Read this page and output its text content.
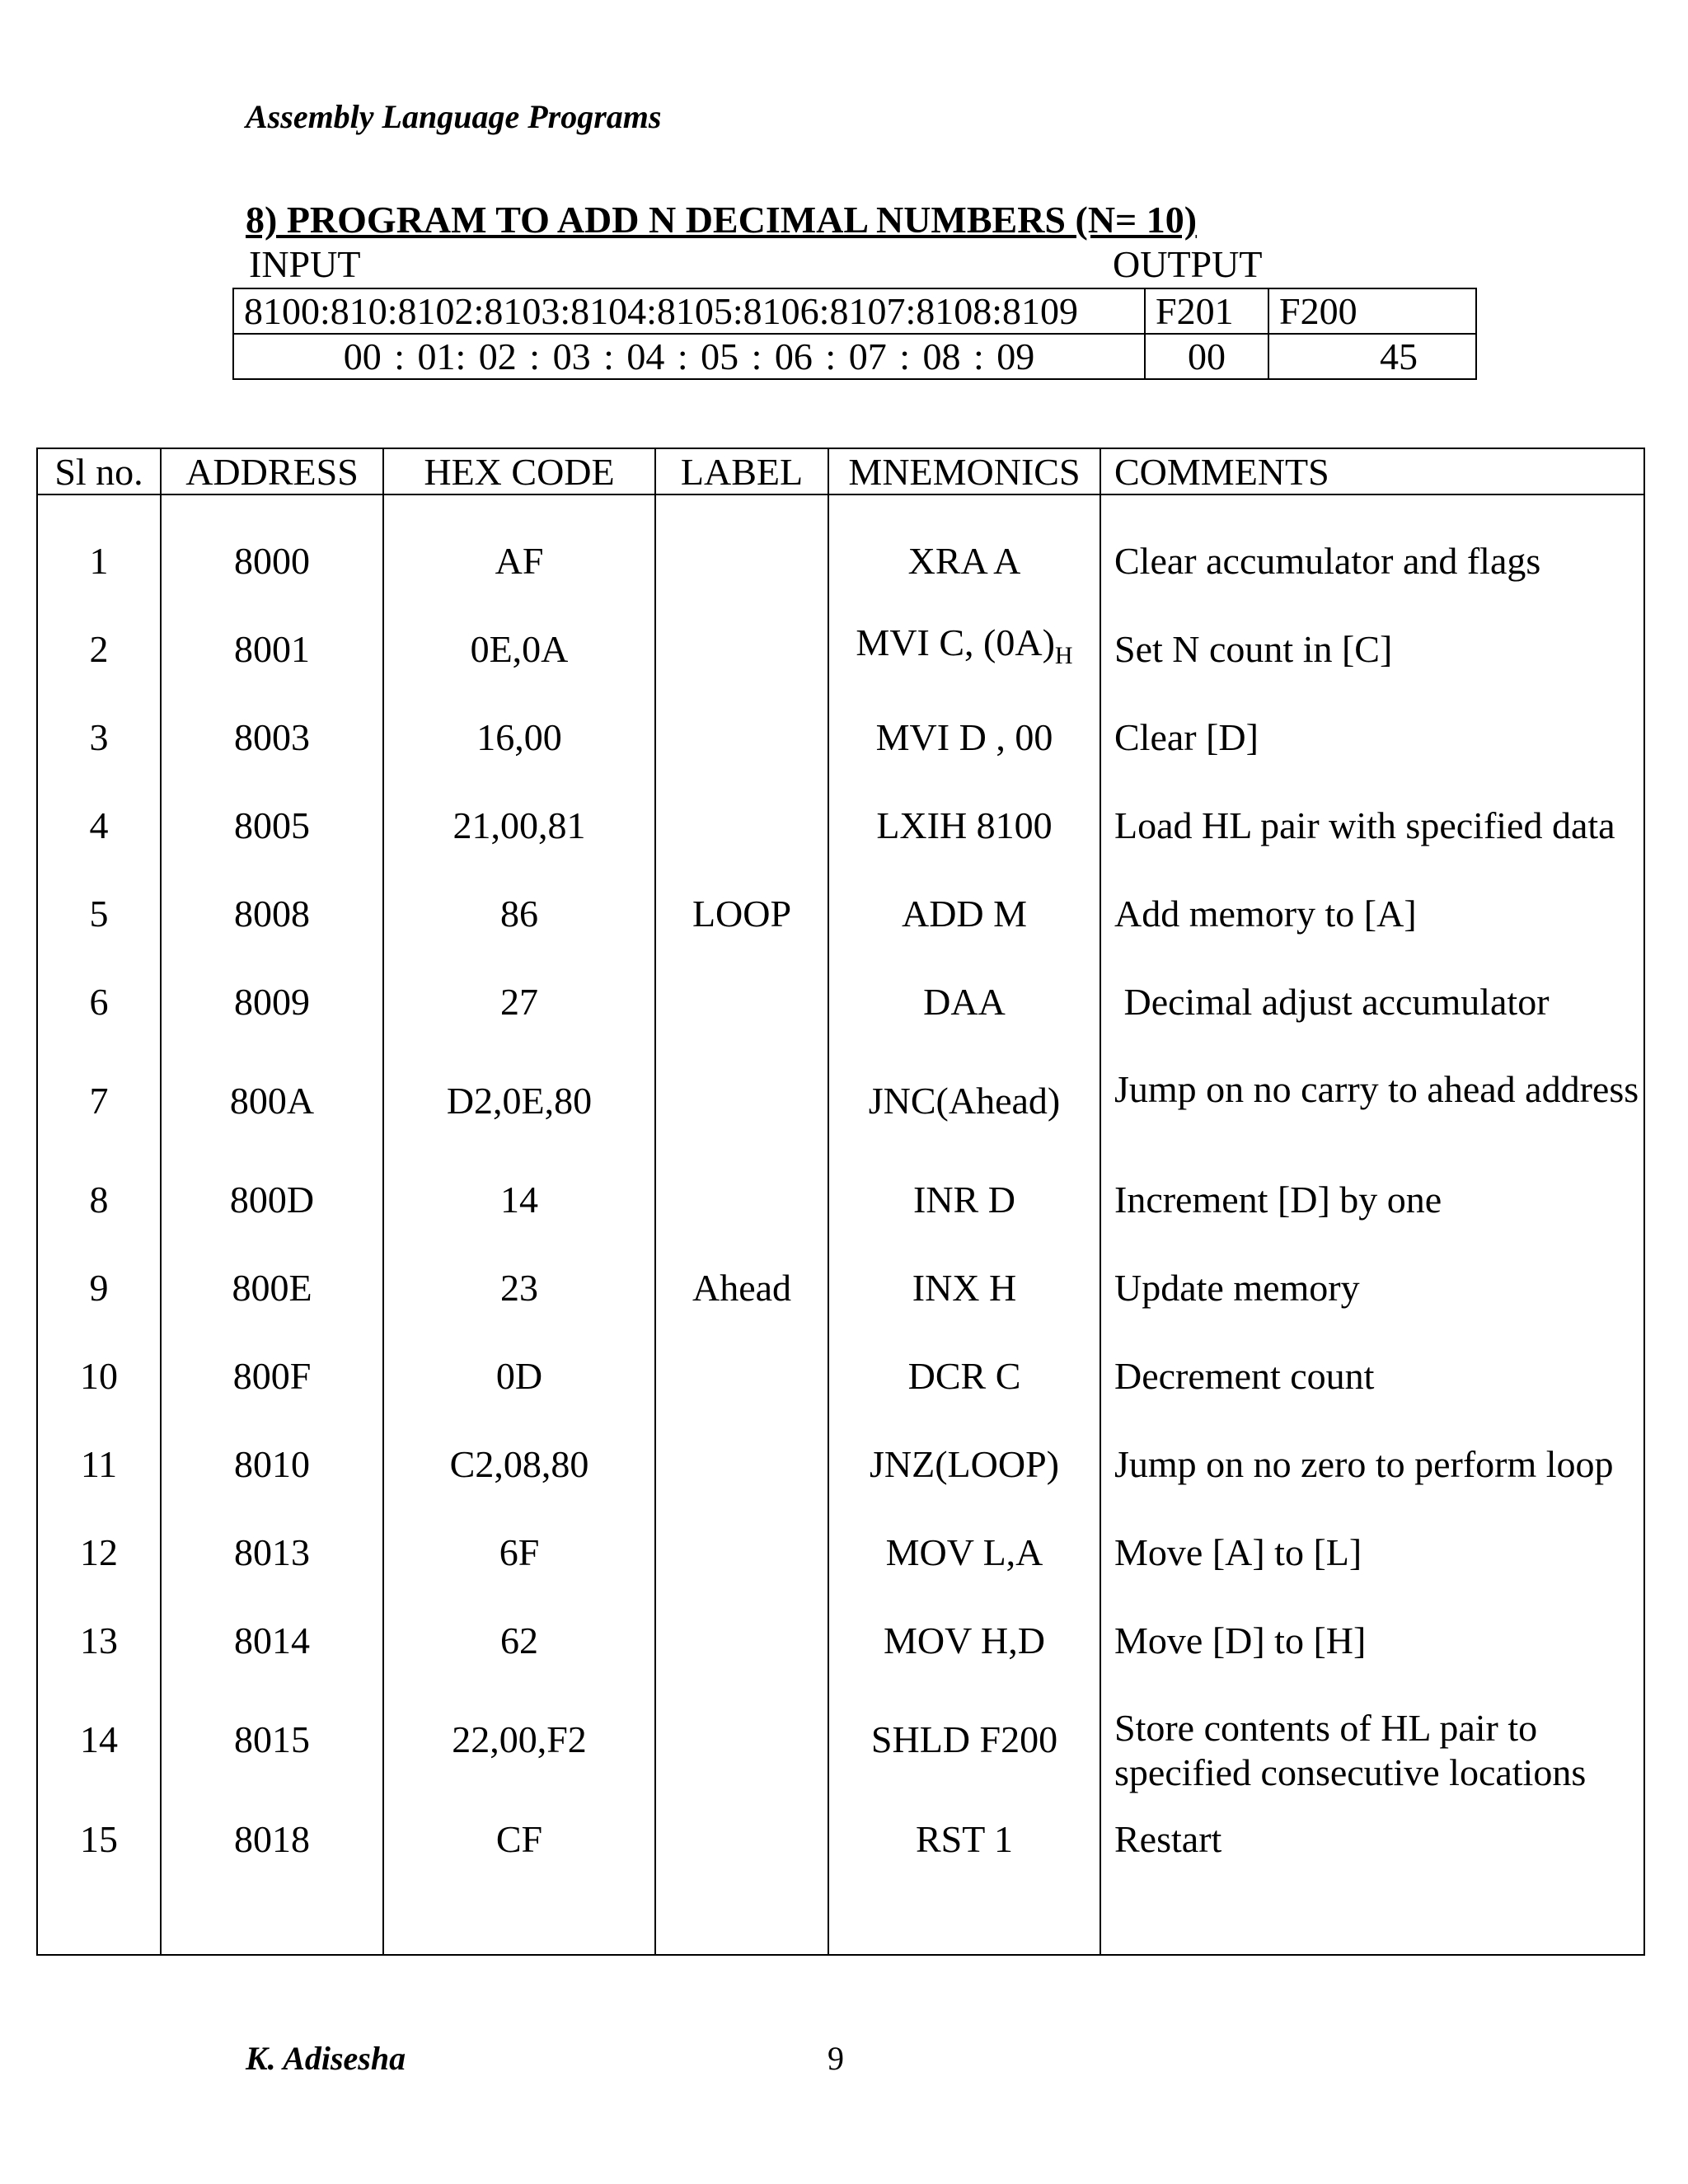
Assembly Language Programs
8) PROGRAM TO ADD N DECIMAL NUMBERS (N= 10)
INPUT	OUTPUT
8100:810:8102:8103:8104:8105:8106:8107:8108:8109	F201	F200
00 : 01: 02 : 03 : 04 : 05 : 06 : 07 : 08 : 09	00	45
Sl no.	ADDRESS	HEX CODE	LABEL	MNEMONICS	COMMENTS

1	8000	AF		XRA A	Clear accumulator and flags
2	8001	0E,0A		MVI C, $(0A)_H$	Set N count in [C]
3	8003	16,00		MVI D , 00	Clear [D]
4	8005	21,00,81		LXIH 8100	Load HL pair with specified data
5	8008	86	LOOP	ADD M	Add memory to [A]
6	8009	27		DAA	Decimal adjust accumulator
7	800A	D2,0E,80		JNC(Ahead)	Jump on no carry to ahead address
8	800D	14		INR D	Increment [D] by one
9	800E	23	Ahead	INX H	Update memory
10	800F	0D		DCR C	Decrement count
11	8010	C2,08,80		JNZ(LOOP)	Jump on no zero to perform loop
12	8013	6F		MOV L,A	Move [A] to [L]
13	8014	62		MOV H,D	Move [D] to [H]
14	8015	22,00,F2		SHLD F200	Store contents of HL pair to specified consecutive locations
15	8018	CF		RST 1	Restart

K. Adisesha	9
